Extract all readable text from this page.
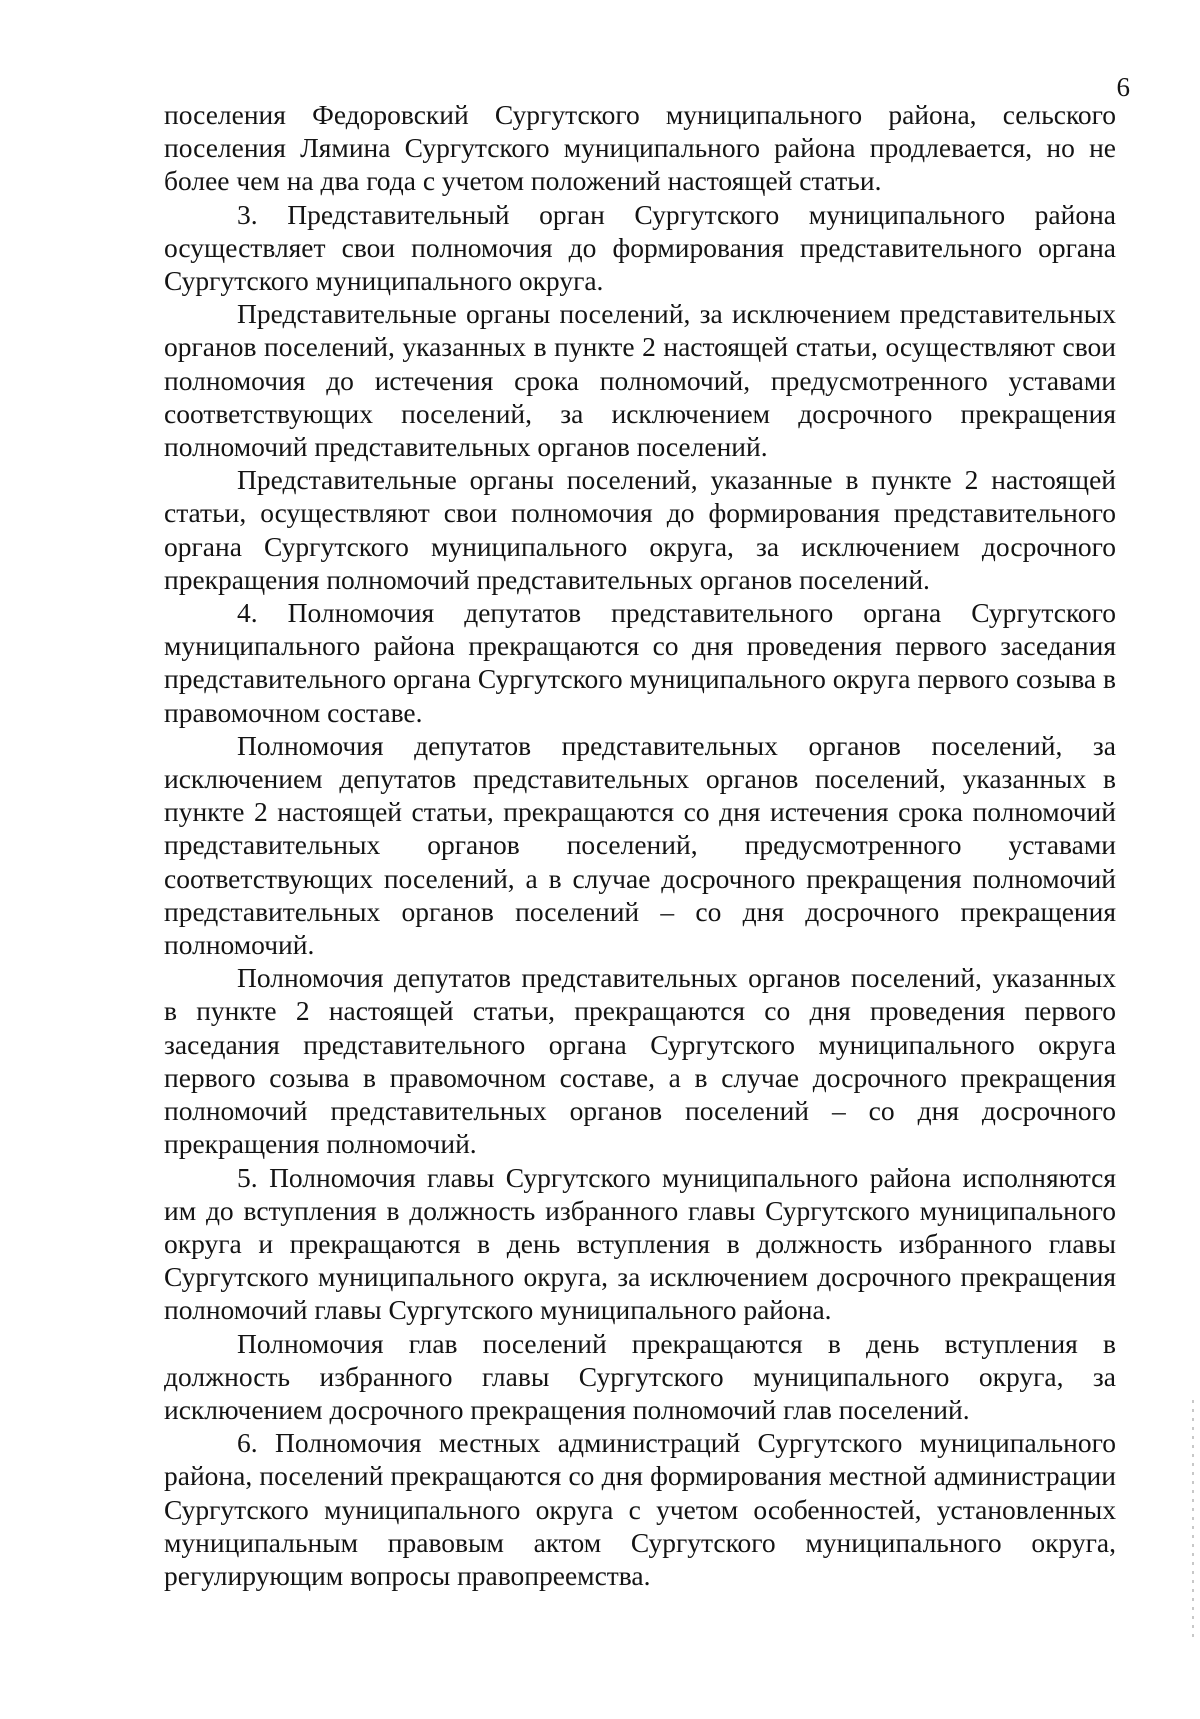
6

поселения Федоровский Сургутского муниципального района, сельского поселения Лямина Сургутского муниципального района продлевается, но не более чем на два года с учетом положений настоящей статьи.

3. Представительный орган Сургутского муниципального района осуществляет свои полномочия до формирования представительного органа Сургутского муниципального округа.

Представительные органы поселений, за исключением представительных органов поселений, указанных в пункте 2 настоящей статьи, осуществляют свои полномочия до истечения срока полномочий, предусмотренного уставами соответствующих поселений, за исключением досрочного прекращения полномочий представительных органов поселений.

Представительные органы поселений, указанные в пункте 2 настоящей статьи, осуществляют свои полномочия до формирования представительного органа Сургутского муниципального округа, за исключением досрочного прекращения полномочий представительных органов поселений.

4. Полномочия депутатов представительного органа Сургутского муниципального района прекращаются со дня проведения первого заседания представительного органа Сургутского муниципального округа первого созыва в правомочном составе.

Полномочия депутатов представительных органов поселений, за исключением депутатов представительных органов поселений, указанных в пункте 2 настоящей статьи, прекращаются со дня истечения срока полномочий представительных органов поселений, предусмотренного уставами соответствующих поселений, а в случае досрочного прекращения полномочий представительных органов поселений – со дня досрочного прекращения полномочий.

Полномочия депутатов представительных органов поселений, указанных в пункте 2 настоящей статьи, прекращаются со дня проведения первого заседания представительного органа Сургутского муниципального округа первого созыва в правомочном составе, а в случае досрочного прекращения полномочий представительных органов поселений – со дня досрочного прекращения полномочий.

5. Полномочия главы Сургутского муниципального района исполняются им до вступления в должность избранного главы Сургутского муниципального округа и прекращаются в день вступления в должность избранного главы Сургутского муниципального округа, за исключением досрочного прекращения полномочий главы Сургутского муниципального района.

Полномочия глав поселений прекращаются в день вступления в должность избранного главы Сургутского муниципального округа, за исключением досрочного прекращения полномочий глав поселений.

6. Полномочия местных администраций Сургутского муниципального района, поселений прекращаются со дня формирования местной администрации Сургутского муниципального округа с учетом особенностей, установленных муниципальным правовым актом Сургутского муниципального округа, регулирующим вопросы правопреемства.
